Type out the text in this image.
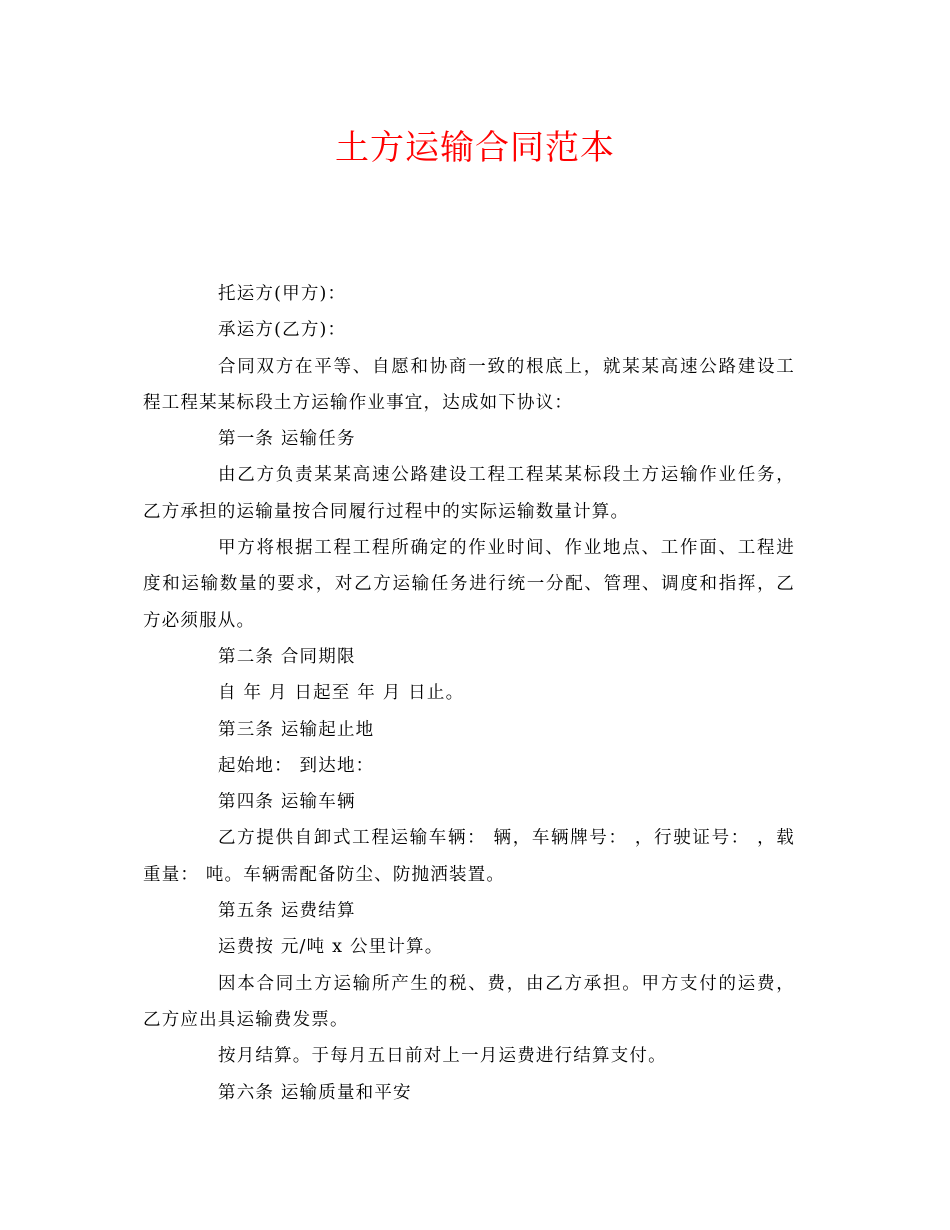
土方运输合同范本

托运方(甲方)：

承运方(乙方)：

合同双方在平等、自愿和协商一致的根底上，就某某高速公路建设工程工程某某标段土方运输作业事宜，达成如下协议：

第一条 运输任务

由乙方负责某某高速公路建设工程工程某某标段土方运输作业任务，乙方承担的运输量按合同履行过程中的实际运输数量计算。

甲方将根据工程工程所确定的作业时间、作业地点、工作面、工程进度和运输数量的要求，对乙方运输任务进行统一分配、管理、调度和指挥，乙方必须服从。

第二条 合同期限

自 年 月 日起至 年 月 日止。

第三条 运输起止地

起始地： 到达地：

第四条 运输车辆

乙方提供自卸式工程运输车辆： 辆，车辆牌号： ，行驶证号： ，载重量： 吨。车辆需配备防尘、防抛洒装置。

第五条 运费结算

运费按 元/吨 x 公里计算。

因本合同土方运输所产生的税、费，由乙方承担。甲方支付的运费，乙方应出具运输费发票。

按月结算。于每月五日前对上一月运费进行结算支付。

第六条 运输质量和平安
